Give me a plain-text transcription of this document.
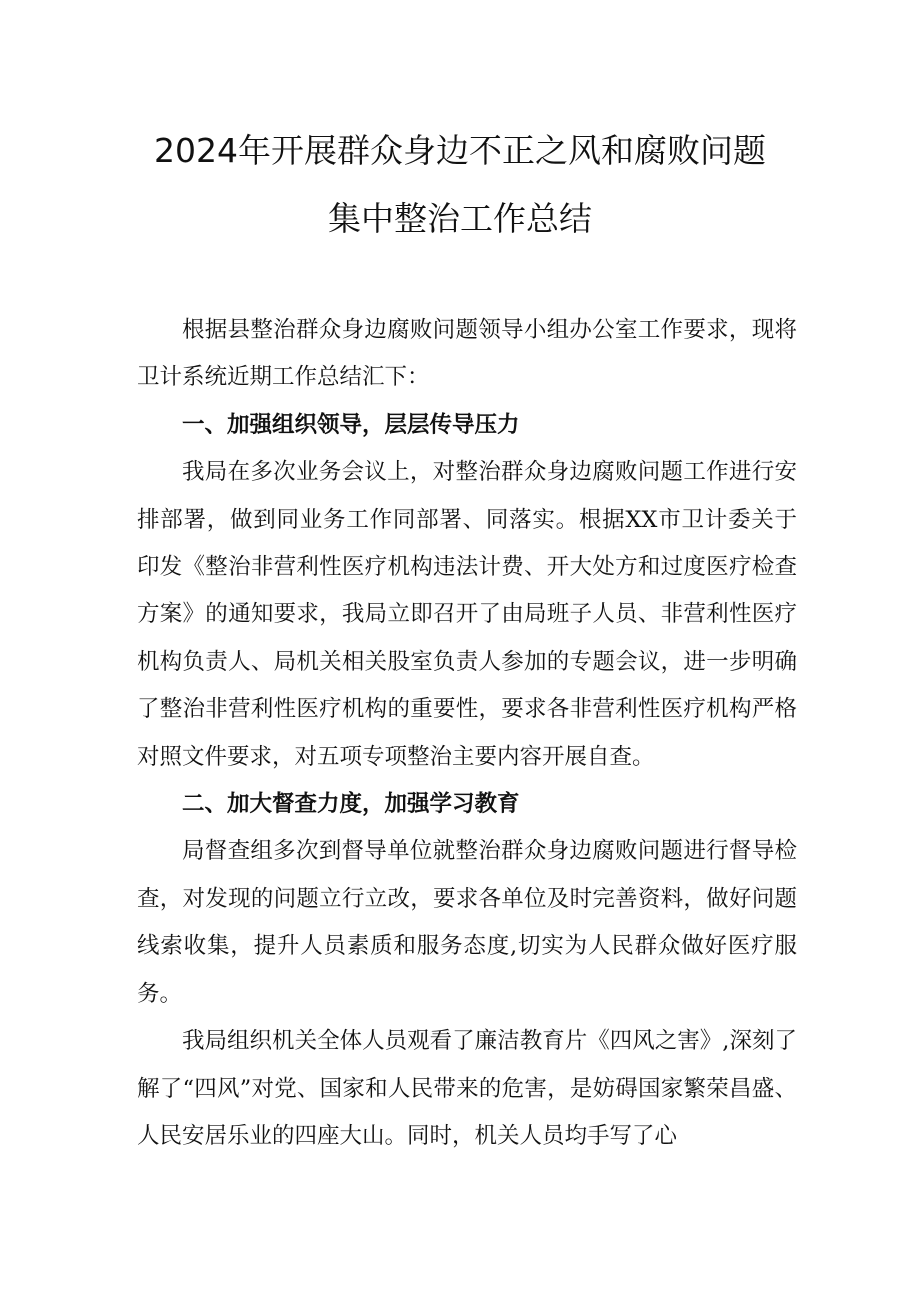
2024年开展群众身边不正之风和腐败问题
集中整治工作总结

根据县整治群众身边腐败问题领导小组办公室工作要求，现将卫计系统近期工作总结汇下：

一、加强组织领导，层层传导压力

我局在多次业务会议上，对整治群众身边腐败问题工作进行安排部署，做到同业务工作同部署、同落实。根据XX市卫计委关于印发《整治非营利性医疗机构违法计费、开大处方和过度医疗检查方案》的通知要求，我局立即召开了由局班子人员、非营利性医疗机构负责人、局机关相关股室负责人参加的专题会议，进一步明确了整治非营利性医疗机构的重要性，要求各非营利性医疗机构严格对照文件要求，对五项专项整治主要内容开展自查。

二、加大督查力度，加强学习教育

局督查组多次到督导单位就整治群众身边腐败问题进行督导检查，对发现的问题立行立改，要求各单位及时完善资料，做好问题线索收集，提升人员素质和服务态度,切实为人民群众做好医疗服务。

我局组织机关全体人员观看了廉洁教育片《四风之害》,深刻了解了“四风”对党、国家和人民带来的危害，是妨碍国家繁荣昌盛、人民安居乐业的四座大山。同时，机关人员均手写了心
